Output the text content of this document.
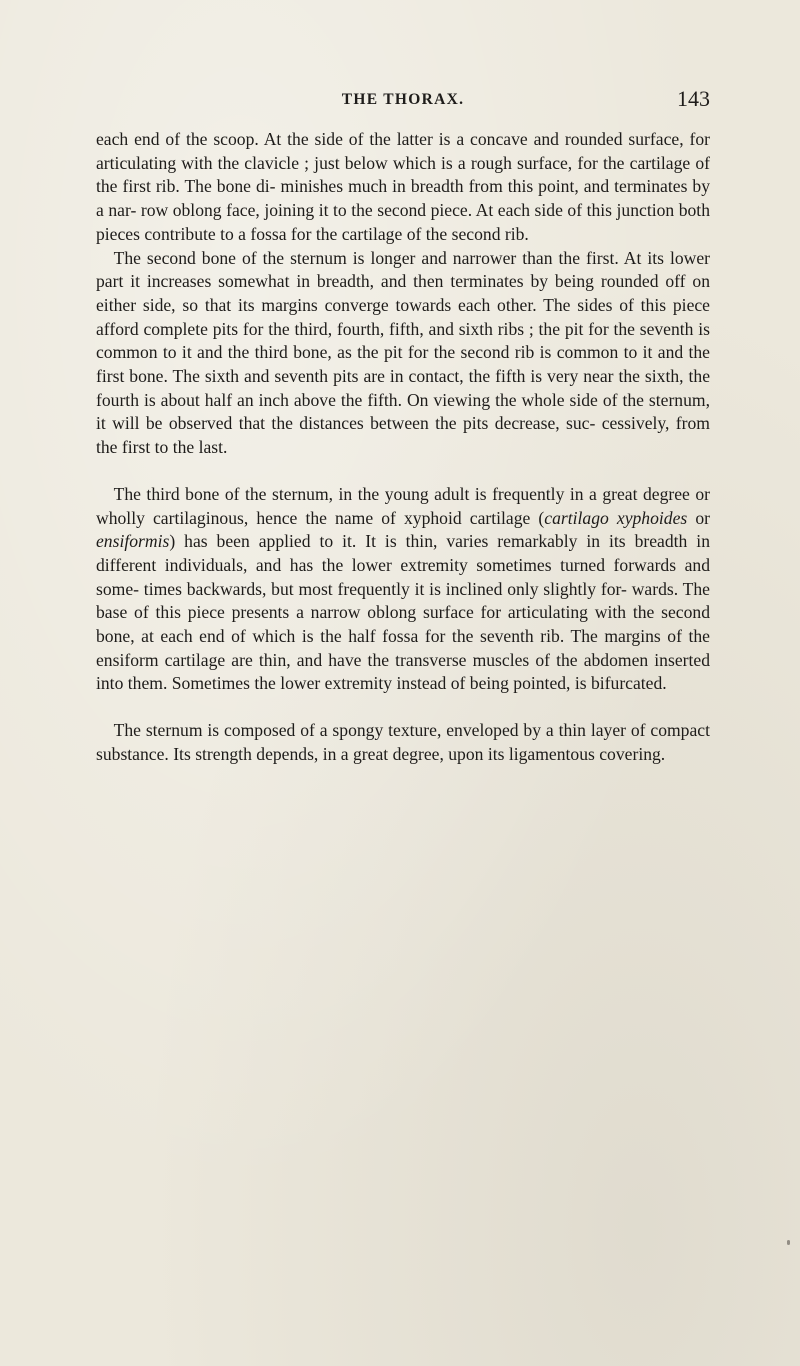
THE THORAX.	143

each end of the scoop. At the side of the latter is a concave and rounded surface, for articulating with the clavicle ; just below which is a rough surface, for the cartilage of the first rib. The bone di- minishes much in breadth from this point, and terminates by a nar- row oblong face, joining it to the second piece. At each side of this junction both pieces contribute to a fossa for the cartilage of the second rib.

The second bone of the sternum is longer and narrower than the first. At its lower part it increases somewhat in breadth, and then terminates by being rounded off on either side, so that its margins converge towards each other. The sides of this piece afford complete pits for the third, fourth, fifth, and sixth ribs ; the pit for the seventh is common to it and the third bone, as the pit for the second rib is common to it and the first bone. The sixth and seventh pits are in contact, the fifth is very near the sixth, the fourth is about half an inch above the fifth. On viewing the whole side of the sternum, it will be observed that the distances between the pits decrease, suc- cessively, from the first to the last.

The third bone of the sternum, in the young adult is frequently in a great degree or wholly cartilaginous, hence the name of xyphoid cartilage (cartilago xyphoides or ensiformis) has been applied to it. It is thin, varies remarkably in its breadth in different individuals, and has the lower extremity sometimes turned forwards and some- times backwards, but most frequently it is inclined only slightly for- wards. The base of this piece presents a narrow oblong surface for articulating with the second bone, at each end of which is the half fossa for the seventh rib. The margins of the ensiform cartilage are thin, and have the transverse muscles of the abdomen inserted into them. Sometimes the lower extremity instead of being pointed, is bifurcated.

The sternum is composed of a spongy texture, enveloped by a thin layer of compact substance. Its strength depends, in a great degree, upon its ligamentous covering.
